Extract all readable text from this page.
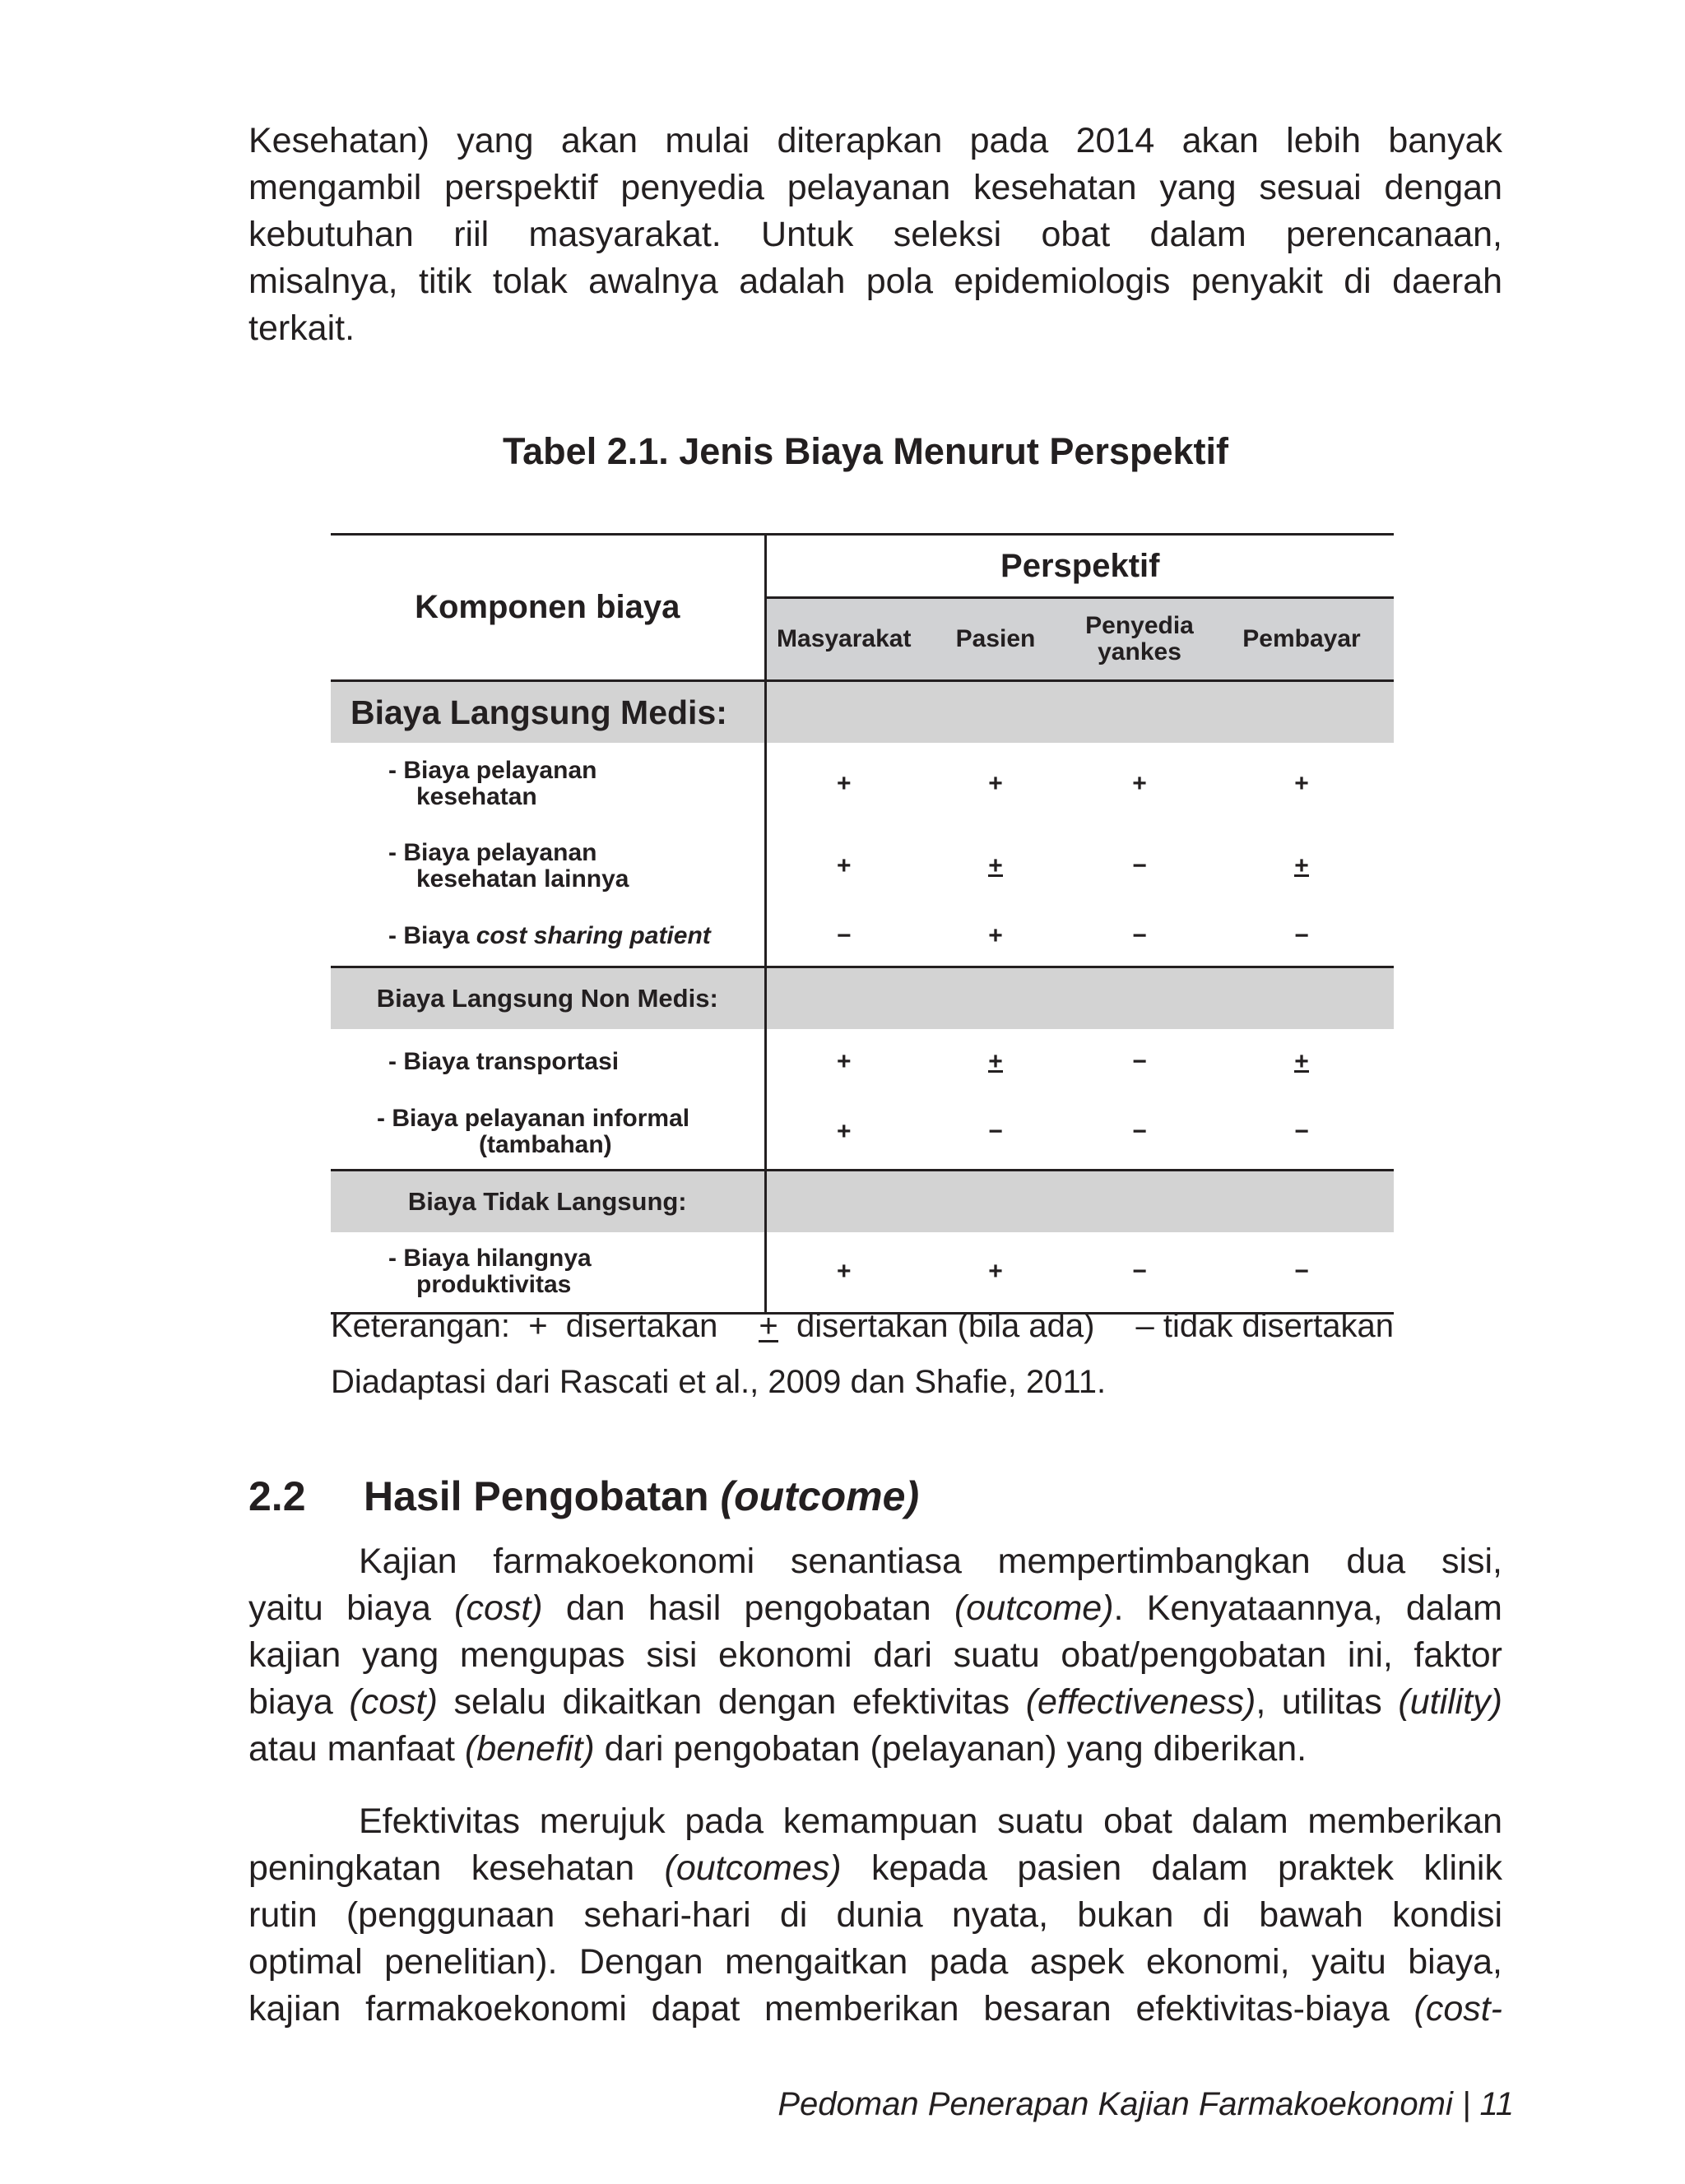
Kesehatan) yang akan mulai diterapkan pada 2014 akan lebih banyak
mengambil perspektif penyedia pelayanan kesehatan yang sesuai dengan
kebutuhan riil masyarakat. Untuk seleksi obat dalam perencanaan,
misalnya, titik tolak awalnya adalah pola epidemiologis penyakit di daerah
terkait.

Tabel 2.1. Jenis Biaya Menurut Perspektif

Komponen biaya	Perspektif			
	Masyarakat	Pasien	Penyedia
yankes	Pembayar
Biaya Langsung Medis:				
- Biaya pelayanan
kesehatan	+	+	+	+
- Biaya pelayanan
kesehatan lainnya	+	+	−	+
- Biaya cost sharing patient	−	+	−	−
Biaya Langsung Non Medis:				
- Biaya transportasi	+	+	−	+
- Biaya pelayanan informal
(tambahan)	+	−	−	−
Biaya Tidak Langsung:				
- Biaya hilangnya
produktivitas	+	+	−	−

Keterangan: + disertakan + disertakan (bila ada) – tidak disertakan

Diadaptasi dari Rascati et al., 2009 dan Shafie, 2011.

2.2 Hasil Pengobatan (outcome)
Kajian farmakoekonomi senantiasa mempertimbangkan dua sisi,
yaitu biaya (cost) dan hasil pengobatan (outcome). Kenyataannya, dalam
kajian yang mengupas sisi ekonomi dari suatu obat/pengobatan ini, faktor
biaya (cost) selalu dikaitkan dengan efektivitas (effectiveness), utilitas (utility)
atau manfaat (benefit) dari pengobatan (pelayanan) yang diberikan.
Efektivitas merujuk pada kemampuan suatu obat dalam memberikan
peningkatan kesehatan (outcomes) kepada pasien dalam praktek klinik
rutin (penggunaan sehari-hari di dunia nyata, bukan di bawah kondisi
optimal penelitian). Dengan mengaitkan pada aspek ekonomi, yaitu biaya,
kajian farmakoekonomi dapat memberikan besaran efektivitas-biaya (cost-

Pedoman Penerapan Kajian Farmakoekonomi | 11
